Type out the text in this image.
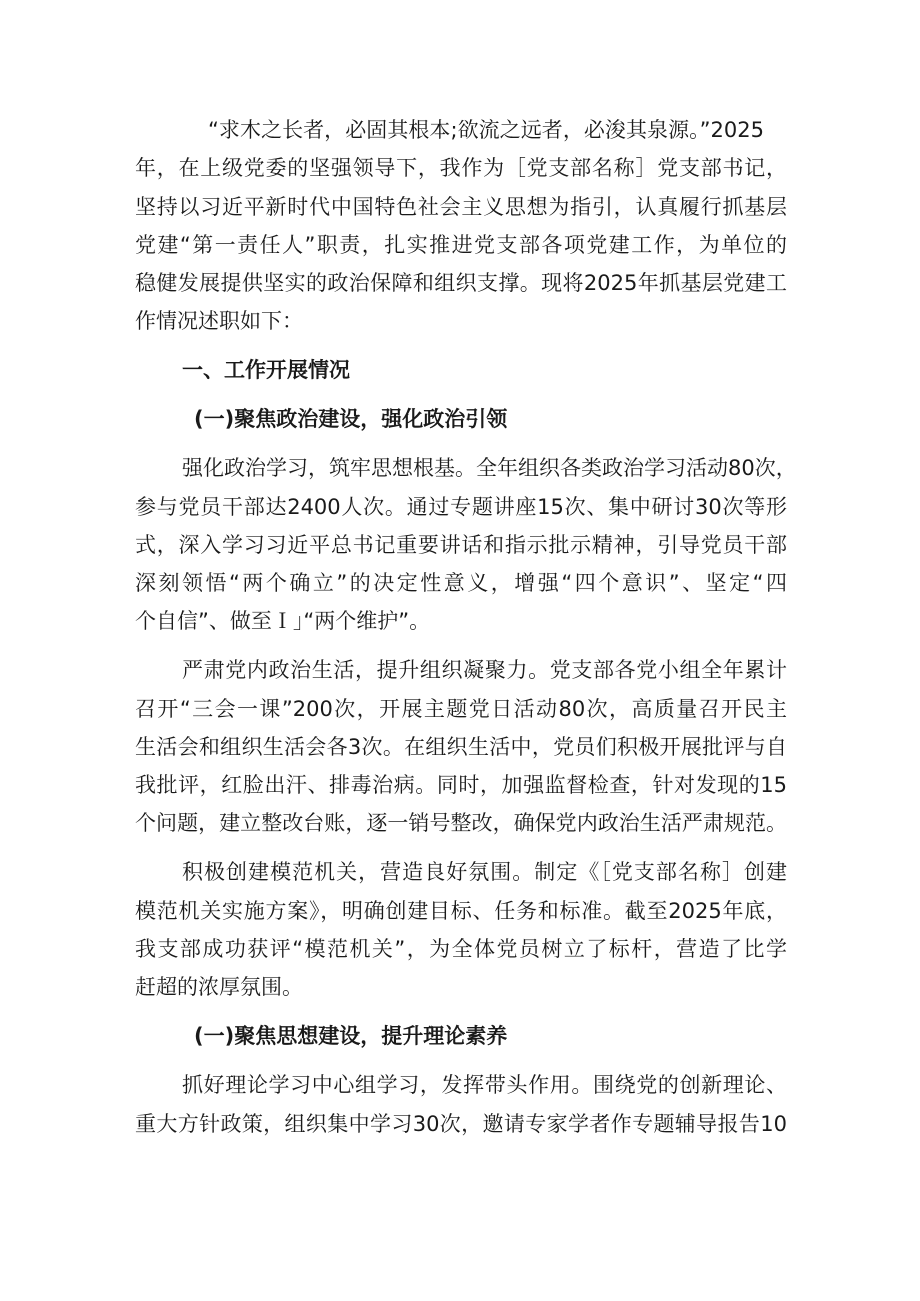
“求木之长者，必固其根本;欲流之远者，必浚其泉源。”2025

年，在上级党委的坚强领导下，我作为［党支部名称］党支部书记，

坚持以习近平新时代中国特色社会主义思想为指引，认真履行抓基层

党建“第一责任人”职责，扎实推进党支部各项党建工作，为单位的

稳健发展提供坚实的政治保障和组织支撑。现将2025年抓基层党建工

作情况述职如下：

一、工作开展情况

(一)聚焦政治建设，强化政治引领

强化政治学习，筑牢思想根基。全年组织各类政治学习活动80次，

参与党员干部达2400人次。通过专题讲座15次、集中研讨30次等形

式，深入学习习近平总书记重要讲话和指示批示精神，引导党员干部

深刻领悟“两个确立”的决定性意义，增强“四个意识”、坚定“四

个自信”、做至Ｉ｣“两个维护”。

严肃党内政治生活，提升组织凝聚力。党支部各党小组全年累计

召开“三会一课”200次，开展主题党日活动80次，高质量召开民主

生活会和组织生活会各3次。在组织生活中，党员们积极开展批评与自

我批评，红脸出汗、排毒治病。同时，加强监督检查，针对发现的15

个问题，建立整改台账，逐一销号整改，确保党内政治生活严肃规范。

积极创建模范机关，营造良好氛围。制定《［党支部名称］创建

模范机关实施方案》，明确创建目标、任务和标准。截至2025年底，

我支部成功获评“模范机关”，为全体党员树立了标杆，营造了比学

赶超的浓厚氛围。

(一)聚焦思想建设，提升理论素养

抓好理论学习中心组学习，发挥带头作用。围绕党的创新理论、

重大方针政策，组织集中学习30次，邀请专家学者作专题辅导报告10
